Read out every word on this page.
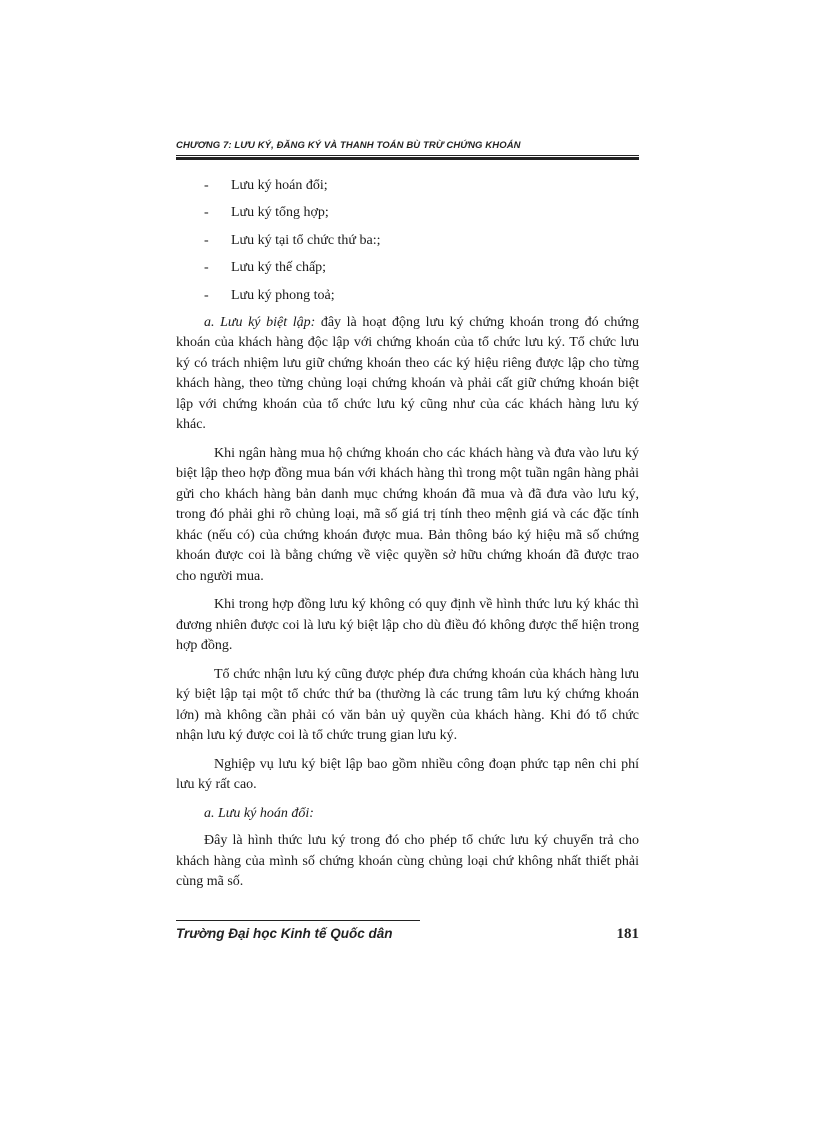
CHƯƠNG 7: LƯU KÝ, ĐĂNG KÝ VÀ THANH TOÁN BÙ TRỪ CHỨNG KHOÁN
- Lưu ký hoán đổi;
- Lưu ký tổng hợp;
- Lưu ký tại tổ chức thứ ba:;
- Lưu ký thế chấp;
- Lưu ký phong toả;

a. Lưu ký biệt lập: đây là hoạt động lưu ký chứng khoán trong đó chứng khoán của khách hàng độc lập với chứng khoán của tổ chức lưu ký. Tổ chức lưu ký có trách nhiệm lưu giữ chứng khoán theo các ký hiệu riêng được lập cho từng khách hàng, theo từng chủng loại chứng khoán và phải cất giữ chứng khoán biệt lập với chứng khoán của tổ chức lưu ký cũng như của các khách hàng lưu ký khác.

Khi ngân hàng mua hộ chứng khoán cho các khách hàng và đưa vào lưu ký biệt lập theo hợp đồng mua bán với khách hàng thì trong một tuần ngân hàng phải gửi cho khách hàng bản danh mục chứng khoán đã mua và đã đưa vào lưu ký, trong đó phải ghi rõ chủng loại, mã số giá trị tính theo mệnh giá và các đặc tính khác (nếu có) của chứng khoán được mua. Bản thông báo ký hiệu mã số chứng khoán được coi là bằng chứng về việc quyền sở hữu chứng khoán đã được trao cho người mua.

Khi trong hợp đồng lưu ký không có quy định về hình thức lưu ký khác thì đương nhiên được coi là lưu ký biệt lập cho dù điều đó không được thể hiện trong hợp đồng.

Tổ chức nhận lưu ký cũng được phép đưa chứng khoán của khách hàng lưu ký biệt lập tại một tổ chức thứ ba (thường là các trung tâm lưu ký chứng khoán lớn) mà không cần phải có văn bản uỷ quyền của khách hàng. Khi đó tổ chức nhận lưu ký được coi là tổ chức trung gian lưu ký.

Nghiệp vụ lưu ký biệt lập bao gồm nhiều công đoạn phức tạp nên chi phí lưu ký rất cao.

a. Lưu ký hoán đổi:

Đây là hình thức lưu ký trong đó cho phép tổ chức lưu ký chuyển trả cho khách hàng của mình số chứng khoán cùng chủng loại chứ không nhất thiết phải cùng mã số.

Trường Đại học Kinh tế Quốc dân	181
